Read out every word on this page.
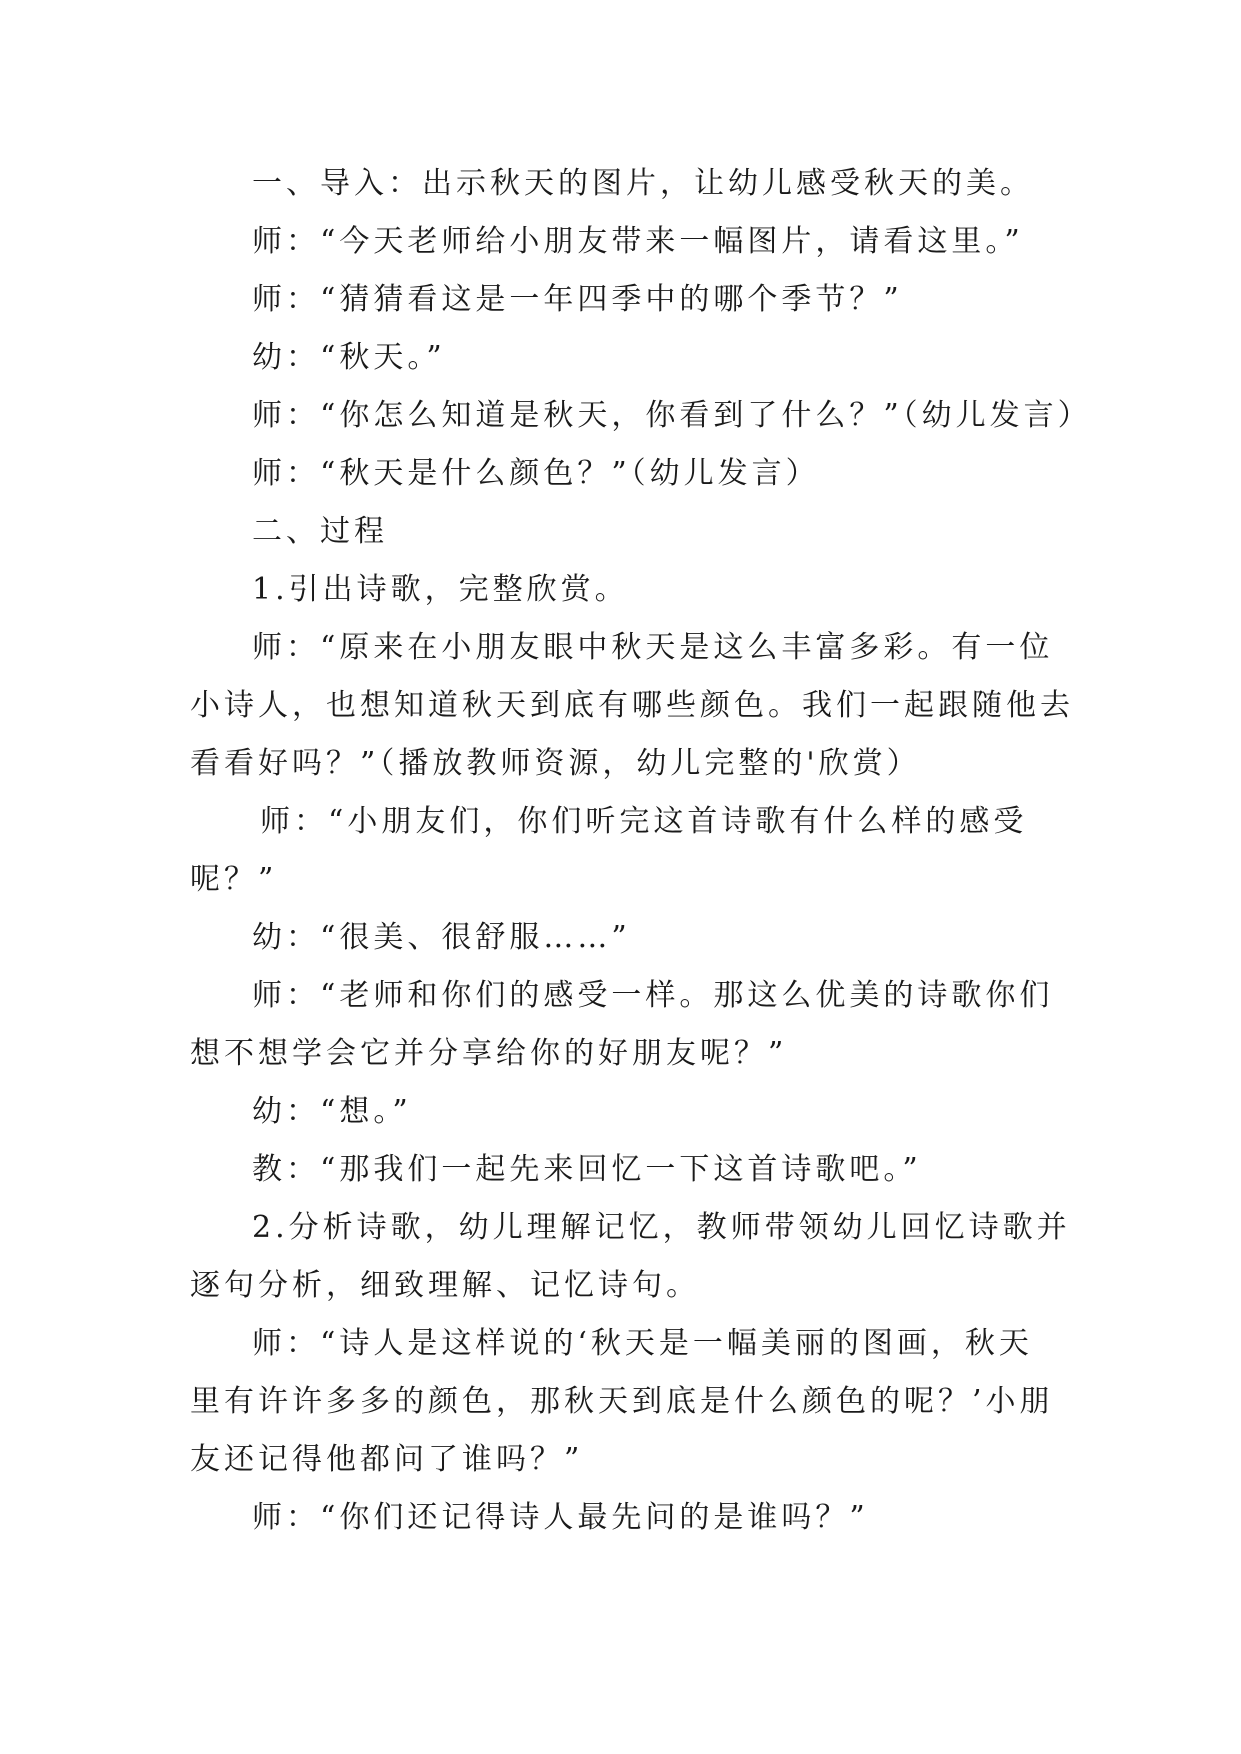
一、导入：出示秋天的图片，让幼儿感受秋天的美。
师：“今天老师给小朋友带来一幅图片，请看这里。”
师：“猜猜看这是一年四季中的哪个季节？”
幼：“秋天。”
师：“你怎么知道是秋天，你看到了什么？”（幼儿发言）
师：“秋天是什么颜色？”（幼儿发言）
二、过程
1.引出诗歌，完整欣赏。
师：“原来在小朋友眼中秋天是这么丰富多彩。有一位
小诗人，也想知道秋天到底有哪些颜色。我们一起跟随他去
看看好吗？”（播放教师资源，幼儿完整的'欣赏）
师：“小朋友们，你们听完这首诗歌有什么样的感受
呢？”
幼：“很美、很舒服……”
师：“老师和你们的感受一样。那这么优美的诗歌你们
想不想学会它并分享给你的好朋友呢？”
幼：“想。”
教：“那我们一起先来回忆一下这首诗歌吧。”
2.分析诗歌，幼儿理解记忆，教师带领幼儿回忆诗歌并
逐句分析，细致理解、记忆诗句。
师：“诗人是这样说的‘秋天是一幅美丽的图画，秋天
里有许许多多的颜色，那秋天到底是什么颜色的呢？’小朋
友还记得他都问了谁吗？”
师：“你们还记得诗人最先问的是谁吗？”
